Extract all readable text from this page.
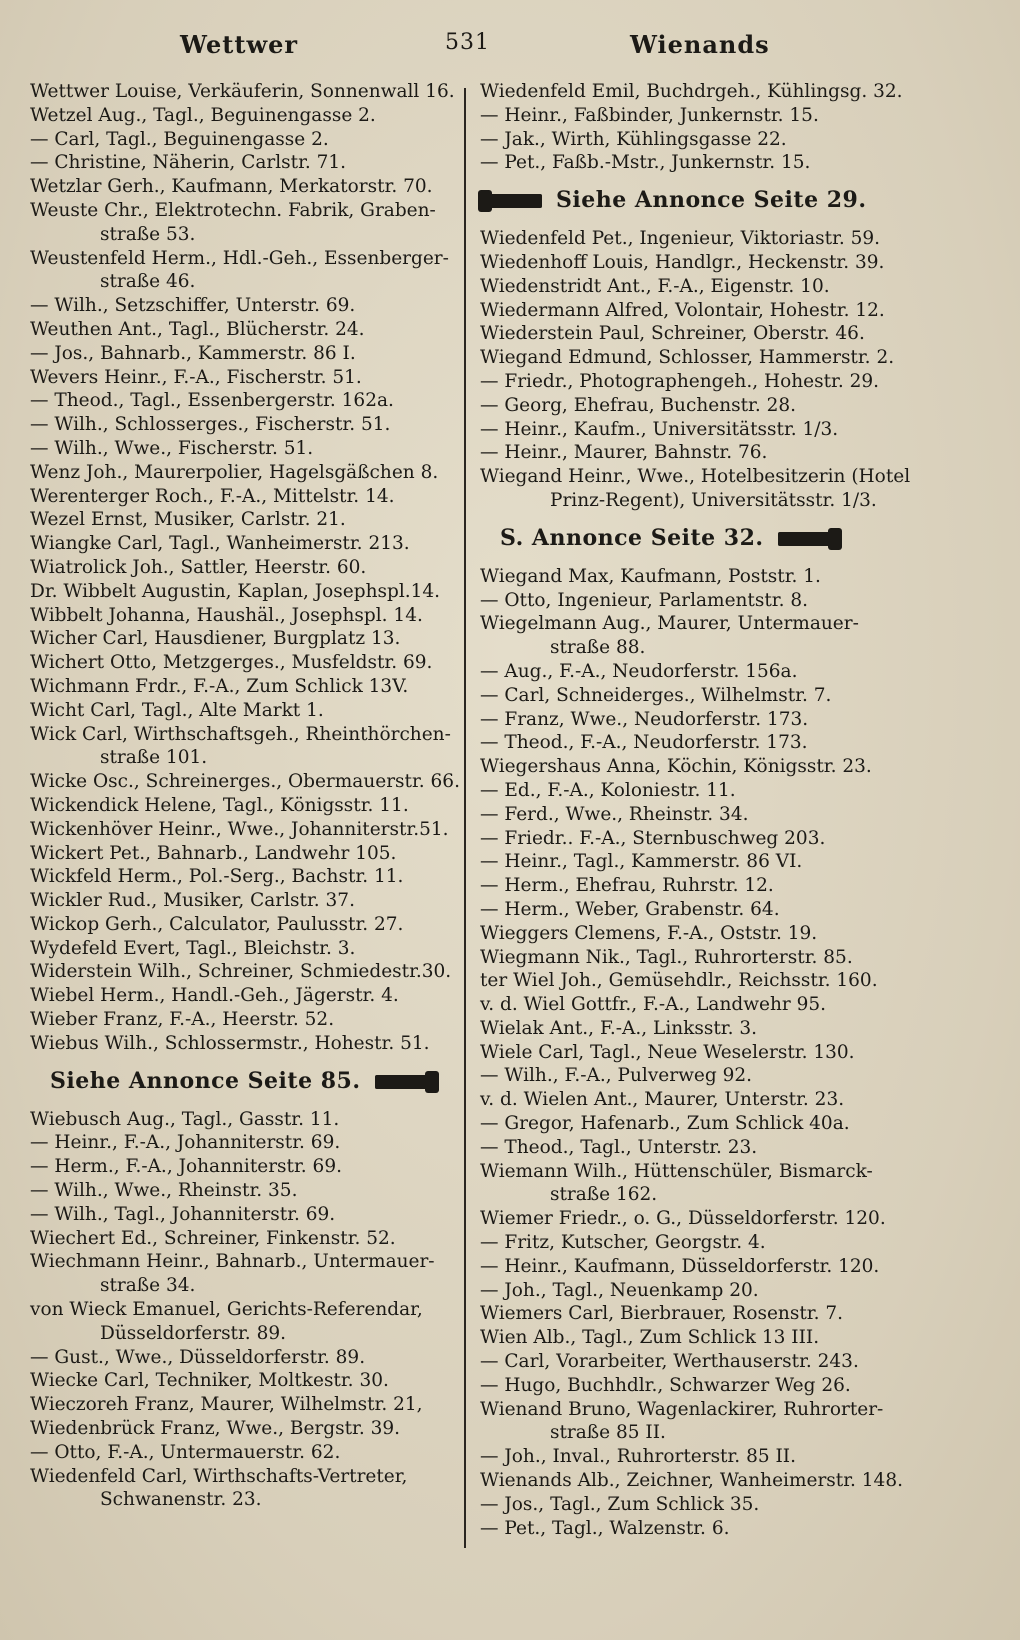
Wettwer	531	Wienands
Wettwer Louise, Verkäuferin, Sonnenwall 16.
Wetzel Aug., Tagl., Beguinengasse 2.
— Carl, Tagl., Beguinengasse 2.
— Christine, Näherin, Carlstr. 71.
Wetzlar Gerh., Kaufmann, Merkatorstr. 70.
Weuste Chr., Elektrotechn. Fabrik, Graben-
straße 53.
Weustenfeld Herm., Hdl.-Geh., Essenberger-
straße 46.
— Wilh., Setzschiffer, Unterstr. 69.
Weuthen Ant., Tagl., Blücherstr. 24.
— Jos., Bahnarb., Kammerstr. 86 I.
Wevers Heinr., F.-A., Fischerstr. 51.
— Theod., Tagl., Essenbergerstr. 162a.
— Wilh., Schlosserges., Fischerstr. 51.
— Wilh., Wwe., Fischerstr. 51.
Wenz Joh., Maurerpolier, Hagelsgäßchen 8.
Werenterger Roch., F.-A., Mittelstr. 14.
Wezel Ernst, Musiker, Carlstr. 21.
Wiangke Carl, Tagl., Wanheimerstr. 213.
Wiatrolick Joh., Sattler, Heerstr. 60.
Dr. Wibbelt Augustin, Kaplan, Josephspl.14.
Wibbelt Johanna, Haushäl., Josephspl. 14.
Wicher Carl, Hausdiener, Burgplatz 13.
Wichert Otto, Metzgerges., Musfeldstr. 69.
Wichmann Frdr., F.-A., Zum Schlick 13V.
Wicht Carl, Tagl., Alte Markt 1.
Wick Carl, Wirthschaftsgeh., Rheinthörchen-
straße 101.
Wicke Osc., Schreinerges., Obermauerstr. 66.
Wickendick Helene, Tagl., Königsstr. 11.
Wickenhöver Heinr., Wwe., Johanniterstr.51.
Wickert Pet., Bahnarb., Landwehr 105.
Wickfeld Herm., Pol.-Serg., Bachstr. 11.
Wickler Rud., Musiker, Carlstr. 37.
Wickop Gerh., Calculator, Paulusstr. 27.
Wydefeld Evert, Tagl., Bleichstr. 3.
Widerstein Wilh., Schreiner, Schmiedestr.30.
Wiebel Herm., Handl.-Geh., Jägerstr. 4.
Wieber Franz, F.-A., Heerstr. 52.
Wiebus Wilh., Schlossermstr., Hohestr. 51.
Siehe Annonce Seite 85.
Wiebusch Aug., Tagl., Gasstr. 11.
— Heinr., F.-A., Johanniterstr. 69.
— Herm., F.-A., Johanniterstr. 69.
— Wilh., Wwe., Rheinstr. 35.
— Wilh., Tagl., Johanniterstr. 69.
Wiechert Ed., Schreiner, Finkenstr. 52.
Wiechmann Heinr., Bahnarb., Untermauer-
straße 34.
von Wieck Emanuel, Gerichts-Referendar,
Düsseldorferstr. 89.
— Gust., Wwe., Düsseldorferstr. 89.
Wiecke Carl, Techniker, Moltkestr. 30.
Wieczoreh Franz, Maurer, Wilhelmstr. 21,
Wiedenbrück Franz, Wwe., Bergstr. 39.
— Otto, F.-A., Untermauerstr. 62.
Wiedenfeld Carl, Wirthschafts-Vertreter,
Schwanenstr. 23.
Wiedenfeld Emil, Buchdrgeh., Kühlingsg. 32.
— Heinr., Faßbinder, Junkernstr. 15.
— Jak., Wirth, Kühlingsgasse 22.
— Pet., Faßb.-Mstr., Junkernstr. 15.
Siehe Annonce Seite 29.
Wiedenfeld Pet., Ingenieur, Viktoriastr. 59.
Wiedenhoff Louis, Handlgr., Heckenstr. 39.
Wiedenstridt Ant., F.-A., Eigenstr. 10.
Wiedermann Alfred, Volontair, Hohestr. 12.
Wiederstein Paul, Schreiner, Oberstr. 46.
Wiegand Edmund, Schlosser, Hammerstr. 2.
— Friedr., Photographengeh., Hohestr. 29.
— Georg, Ehefrau, Buchenstr. 28.
— Heinr., Kaufm., Universitätsstr. 1/3.
— Heinr., Maurer, Bahnstr. 76.
Wiegand Heinr., Wwe., Hotelbesitzerin (Hotel
Prinz-Regent), Universitätsstr. 1/3.
S. Annonce Seite 32.
Wiegand Max, Kaufmann, Poststr. 1.
— Otto, Ingenieur, Parlamentstr. 8.
Wiegelmann Aug., Maurer, Untermauer-
straße 88.
— Aug., F.-A., Neudorferstr. 156a.
— Carl, Schneiderges., Wilhelmstr. 7.
— Franz, Wwe., Neudorferstr. 173.
— Theod., F.-A., Neudorferstr. 173.
Wiegershaus Anna, Köchin, Königsstr. 23.
— Ed., F.-A., Koloniestr. 11.
— Ferd., Wwe., Rheinstr. 34.
— Friedr.. F.-A., Sternbuschweg 203.
— Heinr., Tagl., Kammerstr. 86 VI.
— Herm., Ehefrau, Ruhrstr. 12.
— Herm., Weber, Grabenstr. 64.
Wieggers Clemens, F.-A., Oststr. 19.
Wiegmann Nik., Tagl., Ruhrorterstr. 85.
ter Wiel Joh., Gemüsehdlr., Reichsstr. 160.
v. d. Wiel Gottfr., F.-A., Landwehr 95.
Wielak Ant., F.-A., Linksstr. 3.
Wiele Carl, Tagl., Neue Weselerstr. 130.
— Wilh., F.-A., Pulverweg 92.
v. d. Wielen Ant., Maurer, Unterstr. 23.
— Gregor, Hafenarb., Zum Schlick 40a.
— Theod., Tagl., Unterstr. 23.
Wiemann Wilh., Hüttenschüler, Bismarck-
straße 162.
Wiemer Friedr., o. G., Düsseldorferstr. 120.
— Fritz, Kutscher, Georgstr. 4.
— Heinr., Kaufmann, Düsseldorferstr. 120.
— Joh., Tagl., Neuenkamp 20.
Wiemers Carl, Bierbrauer, Rosenstr. 7.
Wien Alb., Tagl., Zum Schlick 13 III.
— Carl, Vorarbeiter, Werthauserstr. 243.
— Hugo, Buchhdlr., Schwarzer Weg 26.
Wienand Bruno, Wagenlackirer, Ruhrorter-
straße 85 II.
— Joh., Inval., Ruhrorterstr. 85 II.
Wienands Alb., Zeichner, Wanheimerstr. 148.
— Jos., Tagl., Zum Schlick 35.
— Pet., Tagl., Walzenstr. 6.
